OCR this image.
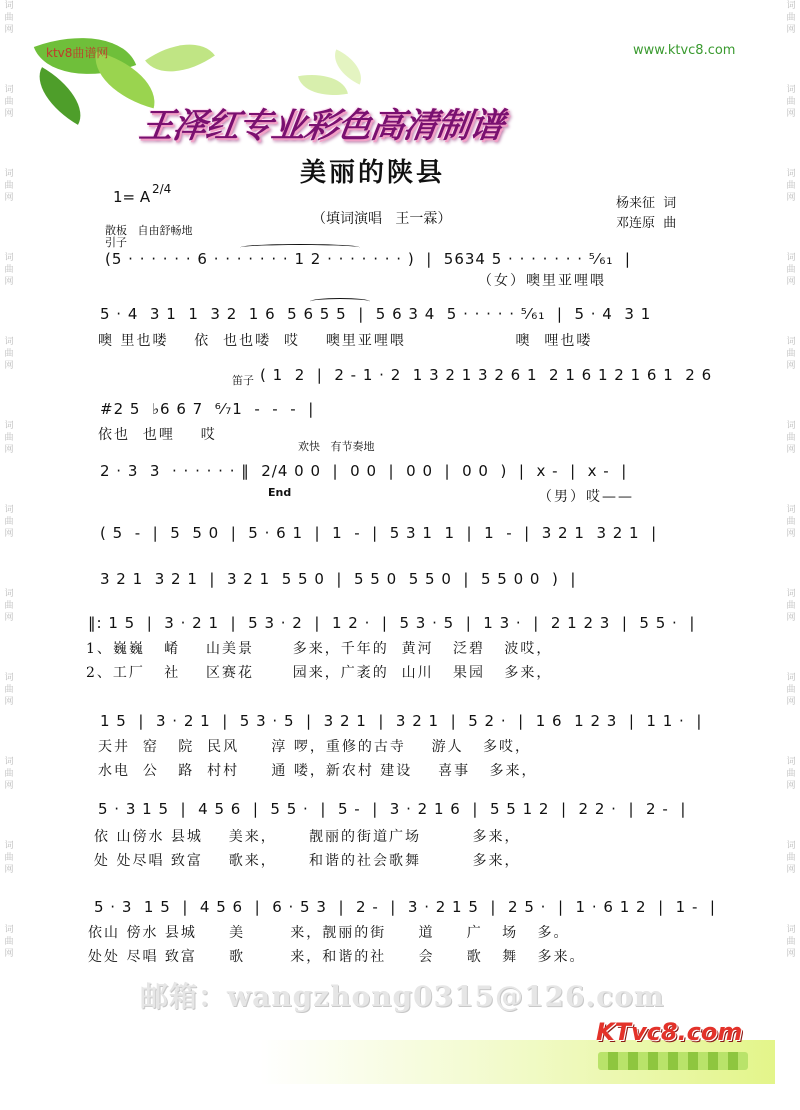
词
曲
网
词
曲
网
词
曲
网
词
曲
网
词
曲
网
词
曲
网
词
曲
网
词
曲
网
词
曲
网
词
曲
网
词
曲
网
词
曲
网
词
曲
网
词
曲
网
词
曲
网
词
曲
网
词
曲
网
词
曲
网
词
曲
网
词
曲
网
词
曲
网
词
曲
网
词
曲
网
词
曲
网
ktv8曲谱网	www.ktvc8.com
王泽红专业彩色高清制谱
美丽的陕县
1= A 2/4
（填词演唱   王一霖）
杨来征  词
邓连原  曲
散板   自由舒畅地
引子
(5 · · · · · · 6 · · · · · · · 1 2 · · · · · · · )  |  5634 5 · · · · · · · ⁵⁄₆₁  |
（女）噢里亚哩喂
5 · 4  3 1  1  3 2  1 6  5 6 5 5  |  5 6 3 4  5 · · · · · ⁵⁄₆₁  |  5 · 4  3 1
噢 里也喽    依  也也喽  哎    噢里亚哩喂                 噢  哩也喽
笛子 ( 1  2  |  2 - 1 · 2  1 3 2 1 3 2 6 1  2 1 6 1 2 1 6 1  2 6
#2 5  ♭6 6 7  ⁶⁄₇1  -  -  -  |
依也  也哩    哎
欢快   有节奏地
2 · 3  3  · · · · · · ‖  2/4 0 0  |  0 0  |  0 0  |  0 0  )  |  x -  |  x -  |
End	（男）哎——
( 5  -  |  5  5 0  |  5 · 6 1  |  1  -  |  5 3 1  1  |  1  -  |  3 2 1  3 2 1  |
3 2 1  3 2 1  |  3 2 1  5 5 0  |  5 5 0  5 5 0  |  5 5 0 0  )  |
‖: 1 5  |  3 · 2 1  |  5 3 · 2  |  1 2 ·  |  5 3 · 5  |  1 3 ·  |  2 1 2 3  |  5 5 ·  |
1、巍巍   崤    山美景      多来，千年的  黄河   泛碧   波哎，
2、工厂   社    区赛花      园来，广袤的  山川   果园   多来，
1 5  |  3 · 2 1  |  5 3 · 5  |  3 2 1  |  3 2 1  |  5 2 ·  |  1 6  1 2 3  |  1 1 ·  |
天井  窑   院  民风     淳 啰，重修的古寺    游人   多哎，
水电  公   路  村村     通 喽，新农村 建设    喜事   多来，
5 · 3 1 5  |  4 5 6  |  5 5 ·  |  5 -  |  3 · 2 1 6  |  5 5 1 2  |  2 2 ·  |  2 -  |
依 山傍水 县城    美来，     靓丽的街道广场        多来，
处 处尽唱 致富    歌来，     和谐的社会歌舞        多来，
5 · 3  1 5  |  4 5 6  |  6 · 5 3  |  2 -  |  3 · 2 1 5  |  2 5 ·  |  1 · 6 1 2  |  1 -  |
依山 傍水 县城     美       来，靓丽的街     道     广   场   多。
处处 尽唱 致富     歌       来，和谐的社     会     歌   舞   多来。
邮箱：wangzhong0315@126.com
KTvc8.com
